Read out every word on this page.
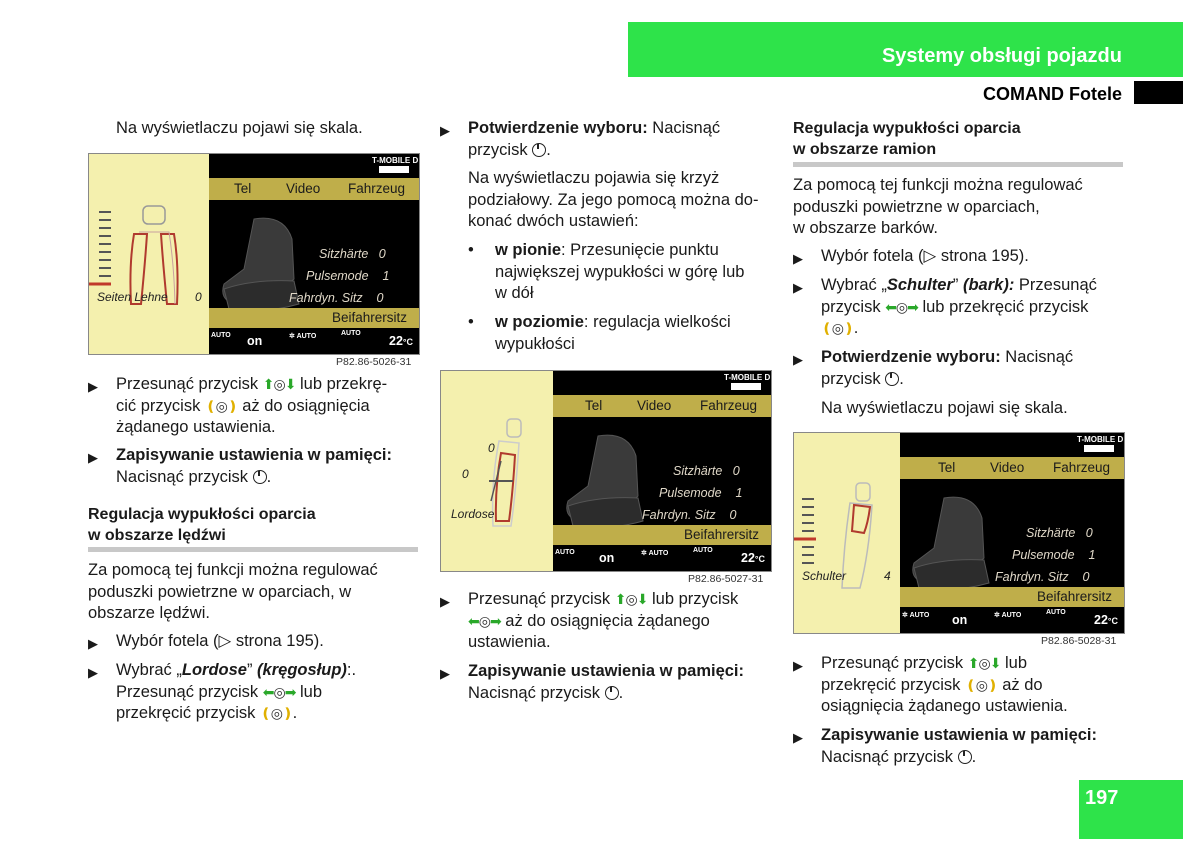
Systemy obsługi pojazdu
COMAND Fotele
Na wyświetlaczu pojawi się skala.
Seiten Lehne 0
T-MOBILE D
Tel	Video Fahrzeug
Sitzhärte 0
Pulsemode 1
Fahrdyn. Sitz 0
Beifahrersitz
AUTO on	✲ AUTO	AUTO
22°C
P82.86-5026-31
▶	Przesunąć przycisk ⬆◎⬇ lub przekrę-
cić przycisk ❪◎❫ aż do osiągnięcia
żądanego ustawienia.
▶	Zapisywanie ustawienia w pamięci:
Nacisnąć przycisk .
Regulacja wypukłości oparcia
w obszarze lędźwi
Za pomocą tej funkcji można regulować
poduszki powietrzne w oparciach, w
obszarze lędźwi.
▶	Wybór fotela (▷ strona 195).
▶	Wybrać „Lordose” (kręgosłup):.
Przesunąć przycisk ⬅◎➡ lub
przekręcić przycisk ❪◎❫.
▶	Potwierdzenie wyboru: Nacisnąć
przycisk .
Na wyświetlaczu pojawia się krzyż
podziałowy. Za jego pomocą można do-
konać dwóch ustawień:
•	w pionie: Przesunięcie punktu
największej wypukłości w górę lub
w dół
•	w poziomie: regulacja wielkości
wypukłości
0
0
Lordose
T-MOBILE D
Tel	Video Fahrzeug
Sitzhärte 0
Pulsemode 1
Fahrdyn. Sitz 0
Beifahrersitz
AUTO on	✲ AUTO	AUTO
22°C
P82.86-5027-31
▶	Przesunąć przycisk ⬆◎⬇ lub przycisk
⬅◎➡ aż do osiągnięcia żądanego
ustawienia.
▶	Zapisywanie ustawienia w pamięci:
Nacisnąć przycisk .
Regulacja wypukłości oparcia
w obszarze ramion
Za pomocą tej funkcji można regulować
poduszki powietrzne w oparciach,
w obszarze barków.
▶	Wybór fotela (▷ strona 195).
▶	Wybrać „Schulter” (bark): Przesunąć
przycisk ⬅◎➡ lub przekręcić przycisk
❪◎❫.
▶	Potwierdzenie wyboru: Nacisnąć
przycisk .
Na wyświetlaczu pojawi się skala.
Schulter	4
T-MOBILE D
Tel	Video Fahrzeug
Sitzhärte 0
Pulsemode 1
Fahrdyn. Sitz 0
Beifahrersitz
✲ AUTO on	✲ AUTO	AUTO
22°C
P82.86-5028-31
▶	Przesunąć przycisk ⬆◎⬇ lub
przekręcić przycisk ❪◎❫ aż do
osiągnięcia żądanego ustawienia.
▶	Zapisywanie ustawienia w pamięci:
Nacisnąć przycisk .
197
